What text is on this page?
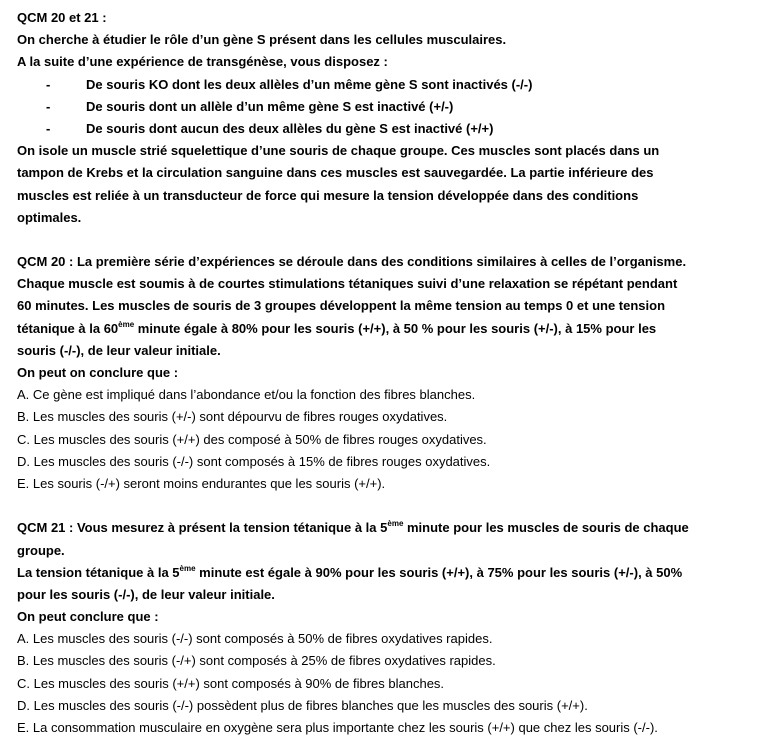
QCM 20 et 21 :
On cherche à étudier le rôle d’un gène S présent dans les cellules musculaires.
A la suite d’une expérience de transgénèse, vous disposez :
-	De souris KO dont les deux allèles d’un même gène S sont inactivés (-/-)
-	De souris dont un allèle d’un même gène S est inactivé (+/-)
-	De souris dont aucun des deux allèles du gène S est inactivé (+/+)
On isole un muscle strié squelettique d’une souris de chaque groupe. Ces muscles sont placés dans un
tampon de Krebs et la circulation sanguine dans ces muscles est sauvegardée. La partie inférieure des
muscles est reliée à un transducteur de force qui mesure la tension développée dans des conditions
optimales.
QCM 20 : La première série d’expériences se déroule dans des conditions similaires à celles de l’organisme.
Chaque muscle est soumis à de courtes stimulations tétaniques suivi d’une relaxation se répétant pendant
60 minutes. Les muscles de souris de 3 groupes développent la même tension au temps 0 et une tension
tétanique à la 60ème minute égale à 80% pour les souris (+/+), à 50 % pour les souris (+/-), à 15% pour les
souris (-/-), de leur valeur initiale.
On peut on conclure que :
A. Ce gène est impliqué dans l’abondance et/ou la fonction des fibres blanches.
B. Les muscles des souris (+/-) sont dépourvu de fibres rouges oxydatives.
C. Les muscles des souris (+/+) des composé à 50% de fibres rouges oxydatives.
D. Les muscles des souris (-/-) sont composés à 15% de fibres rouges oxydatives.
E. Les souris (-/+) seront moins endurantes que les souris (+/+).
QCM 21 : Vous mesurez à présent la tension tétanique à la 5ème minute pour les muscles de souris de chaque
groupe.
La tension tétanique à la 5ème minute est égale à 90% pour les souris (+/+), à 75% pour les souris (+/-), à 50%
pour les souris (-/-), de leur valeur initiale.
On peut conclure que :
A. Les muscles des souris (-/-) sont composés à 50% de fibres oxydatives rapides.
B. Les muscles des souris (-/+) sont composés à 25% de fibres oxydatives rapides.
C. Les muscles des souris (+/+) sont composés à 90% de fibres blanches.
D. Les muscles des souris (-/-) possèdent plus de fibres blanches que les muscles des souris (+/+).
E. La consommation musculaire en oxygène sera plus importante chez les souris (+/+) que chez les souris (-/-).
